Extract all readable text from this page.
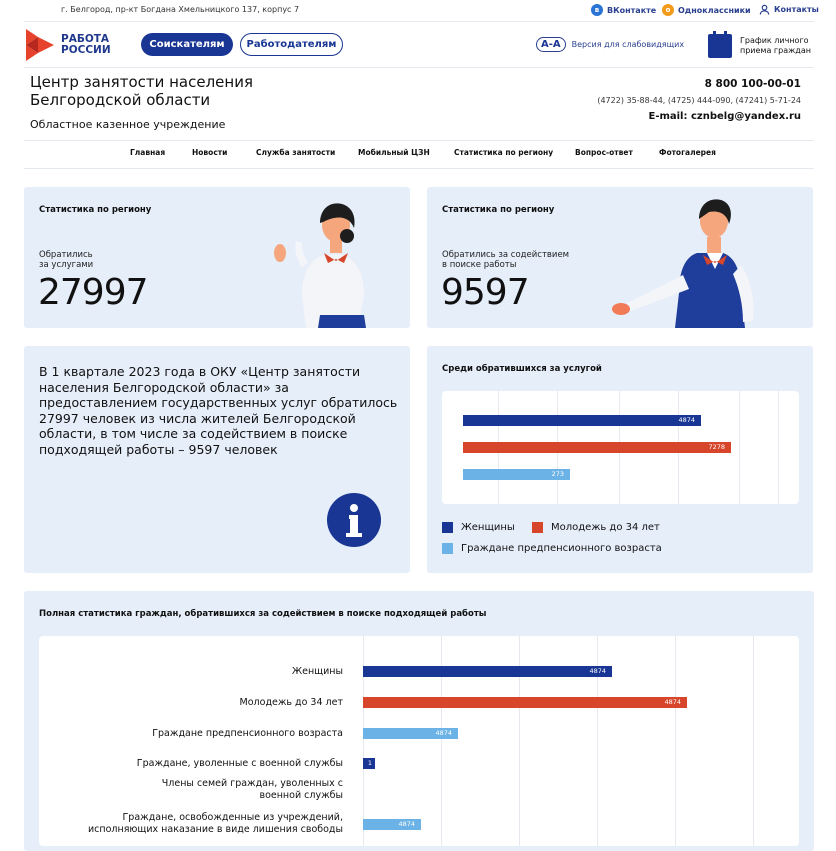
г. Белгород, пр-кт Богдана Хмельницкого 137, корпус 7	в ВКонтакте	о Одноклассники	Контакты
РАБОТА
РОССИИ	Соискателям	Работодателям	A-A	Версия для слабовидящих	График личного
приема граждан
Центр занятости населения
Белгородской области
Областное казенное учреждение
8 800 100-00-01
(4722) 35-88-44, (4725) 444-090, (47241) 5-71-24
E-mail: cznbelg@yandex.ru
Главная	Новости	Служба занятости	Мобильный ЦЗН	Статистика по региону	Вопрос-ответ	Фотогалерея
Статистика по региону
Обратились
за услугами
27997
Статистика по региону
Обратились за содействием
в поиске работы
9597
В 1 квартале 2023 года в ОКУ «Центр занятости населения Белгородской области» за предоставлением государственных услуг обратилось 27997 человек из числа жителей Белгородской области, в том числе за содействием в поиске подходящей работы – 9597 человек
Среди обратившихся за услугой
4874
7278
273
Женщины	Молодежь до 34 лет
Граждане предпенсионного возраста
Полная статистика граждан, обратившихся за содействием в поиске подходящей работы
Женщины
Молодежь до 34 лет
Граждане предпенсионного возраста
Граждане, уволенные с военной службы
Члены семей граждан, уволенных с военной службы
Граждане, освобожденные из учреждений, исполняющих наказание в виде лишения свободы
4874
4874
4874
1
4874
